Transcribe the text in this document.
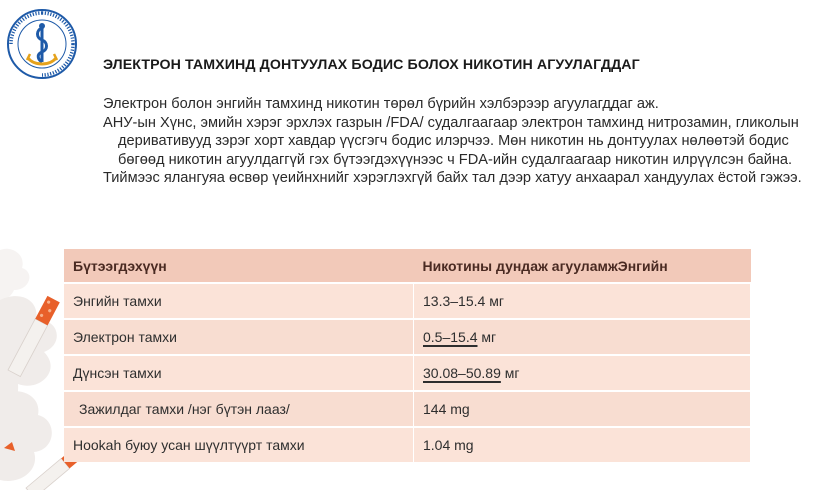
ЭЛЕКТРОН ТАМХИНД ДОНТУУЛАХ БОДИС БОЛОХ НИКОТИН АГУУЛАГДДАГ

Электрон болон энгийн тамхинд никотин төрөл бүрийн хэлбэрээр агуулагддаг аж.

АНУ-ын Хүнс, эмийн хэрэг эрхлэх газрын /FDA/ судалгаагаар электрон тамхинд нитрозамин, гликолын деривативууд зэрэг хорт хавдар үүсгэгч бодис илэрчээ. Мөн никотин нь донтуулах нөлөөтэй бодис бөгөөд никотин агуулдаггүй гэх бүтээгдэхүүнээс ч FDA-ийн судалгаагаар никотин илрүүлсэн байна.

Тиймээс ялангуяа өсвөр үеийнхнийг хэрэглэхгүй байх тал дээр хатуу анхаарал хандуулах ёстой гэжээ.

Бүтээгдэхүүн	Никотины дундаж агууламжЭнгийн
Энгийн тамхи	13.3–15.4 мг
Электрон тамхи	0.5–15.4 мг
Дүнсэн тамхи	30.08–50.89 мг
Зажилдаг тамхи /нэг бүтэн лааз/	144 mg
Hookah буюу усан шүүлтүүрт тамхи	1.04 mg
